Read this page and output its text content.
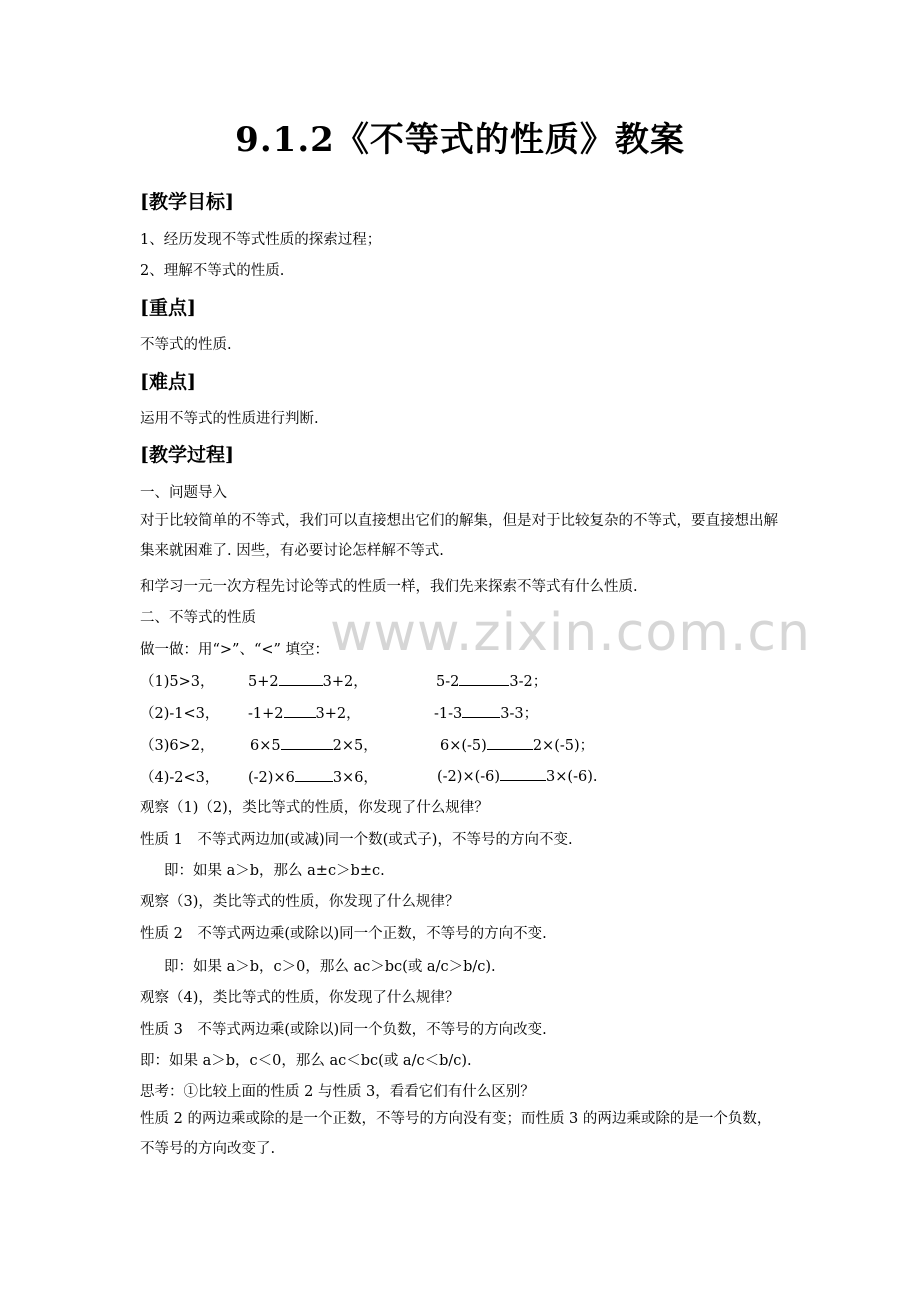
www.zixin.com.cn
9.1.2《不等式的性质》教案
[教学目标]
1、经历发现不等式性质的探索过程；
2、理解不等式的性质.
[重点]
不等式的性质.
[难点]
运用不等式的性质进行判断.
[教学过程]
一、问题导入
对于比较简单的不等式，我们可以直接想出它们的解集，但是对于比较复杂的不等式，要直接想出解集来就困难了. 因些，有必要讨论怎样解不等式.
和学习一元一次方程先讨论等式的性质一样，我们先来探索不等式有什么性质.
二、不等式的性质
做一做：用“>”、“<” 填空：
（1)5>3， 5+2	3+2，	5-2	3-2；
（2)-1<3， -1+2 3+2，	-1-3	3-3；
（3)6>2， 6×5	2×5，	6×(-5)	2×(-5)；
（4)-2<3， (-2)×6	3×6，	(-2)×(-6)	3×(-6).
观察（1)（2)，类比等式的性质，你发现了什么规律？
性质 1　不等式两边加(或减)同一个数(或式子)，不等号的方向不变.
即：如果 a＞b，那么 a±c＞b±c.
观察（3)，类比等式的性质，你发现了什么规律？
性质 2　不等式两边乘(或除以)同一个正数，不等号的方向不变.
即：如果 a＞b，c＞0，那么 ac＞bc(或 a/c＞b/c).
观察（4)，类比等式的性质，你发现了什么规律？
性质 3　不等式两边乘(或除以)同一个负数，不等号的方向改变.
即：如果 a＞b，c＜0，那么 ac＜bc(或 a/c＜b/c).
思考：①比较上面的性质 2 与性质 3，看看它们有什么区别？
性质 2 的两边乘或除的是一个正数，不等号的方向没有变；而性质 3 的两边乘或除的是一个负数，不等号的方向改变了.
